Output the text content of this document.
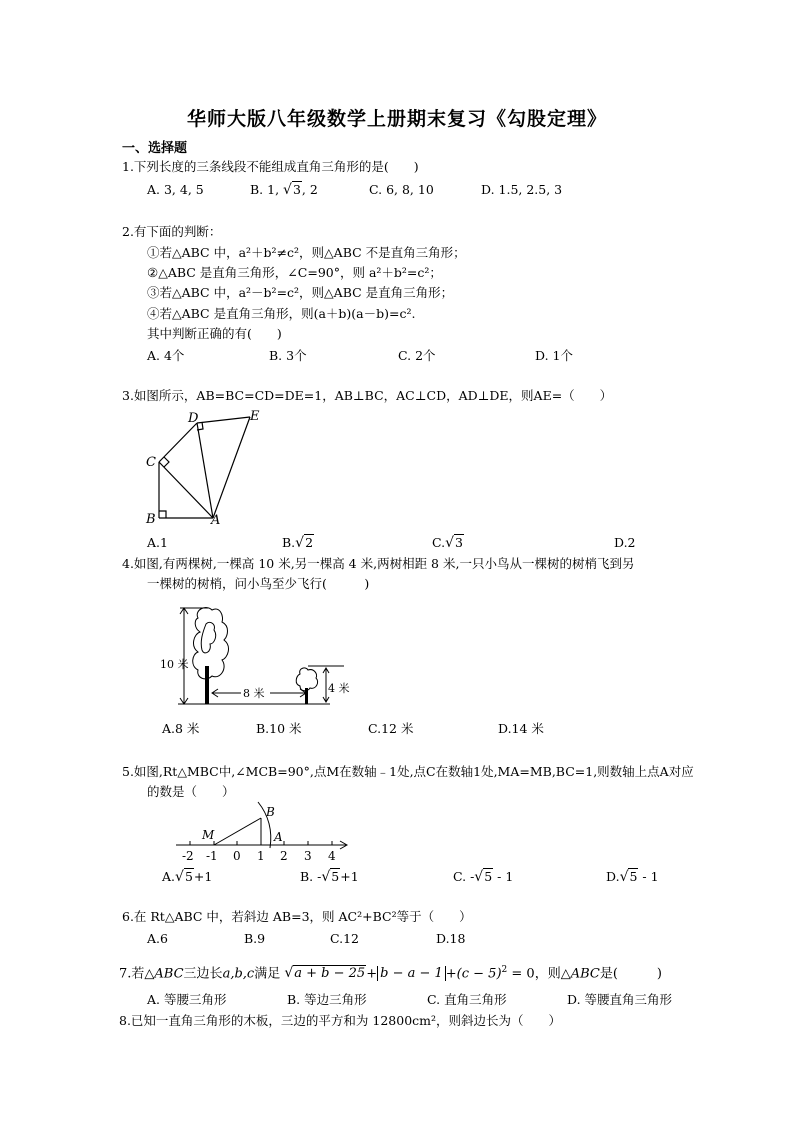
华师大版八年级数学上册期末复习《勾股定理》
一、选择题
1.下列长度的三条线段不能组成直角三角形的是(　　)
A. 3, 4, 5	B. 1, √3, 2	C. 6, 8, 10	D. 1.5, 2.5, 3
2.有下面的判断：
①若△ABC 中，a²＋b²≠c²，则△ABC 不是直角三角形；
②△ABC 是直角三角形，∠C=90°，则 a²＋b²=c²；
③若△ABC 中，a²－b²=c²，则△ABC 是直角三角形；
④若△ABC 是直角三角形，则(a＋b)(a－b)=c².
其中判断正确的有(　　)
A. 4个	B. 3个	C. 2个	D. 1个
3.如图所示，AB=BC=CD=DE=1，AB⊥BC，AC⊥CD，AD⊥DE，则AE=（　　）
D	E
C
B	A
A.1	B.√2	C.√3	D.2
4.如图,有两棵树,一棵高 10 米,另一棵高 4 米,两树相距 8 米,一只小鸟从一棵树的树梢飞到另
一棵树的树梢，问小鸟至少飞行(　　　)
10 米
8 米	4 米
A.8 米	B.10 米	C.12 米	D.14 米
5.如图,Rt△MBC中,∠MCB=90°,点M在数轴﹣1处,点C在数轴1处,MA=MB,BC=1,则数轴上点A对应
的数是（　　）
M
B
A
-2 -1 0 1 2 3 4
A.√5+1	B. -√5+1	C. -√5 - 1	D.√5 - 1
6.在 Rt△ABC 中，若斜边 AB=3，则 AC²+BC²等于（　　）
A.6	B.9	C.12	D.18
7.若△ABC三边长a,b,c满足 $√a + b - 25+ b - a - 1 +(c - 5)^2 = 0$，则△ABC是(　　　)
A. 等腰三角形	B. 等边三角形	C. 直角三角形	D. 等腰直角三角形
8.已知一直角三角形的木板，三边的平方和为 12800cm²，则斜边长为（　　）
